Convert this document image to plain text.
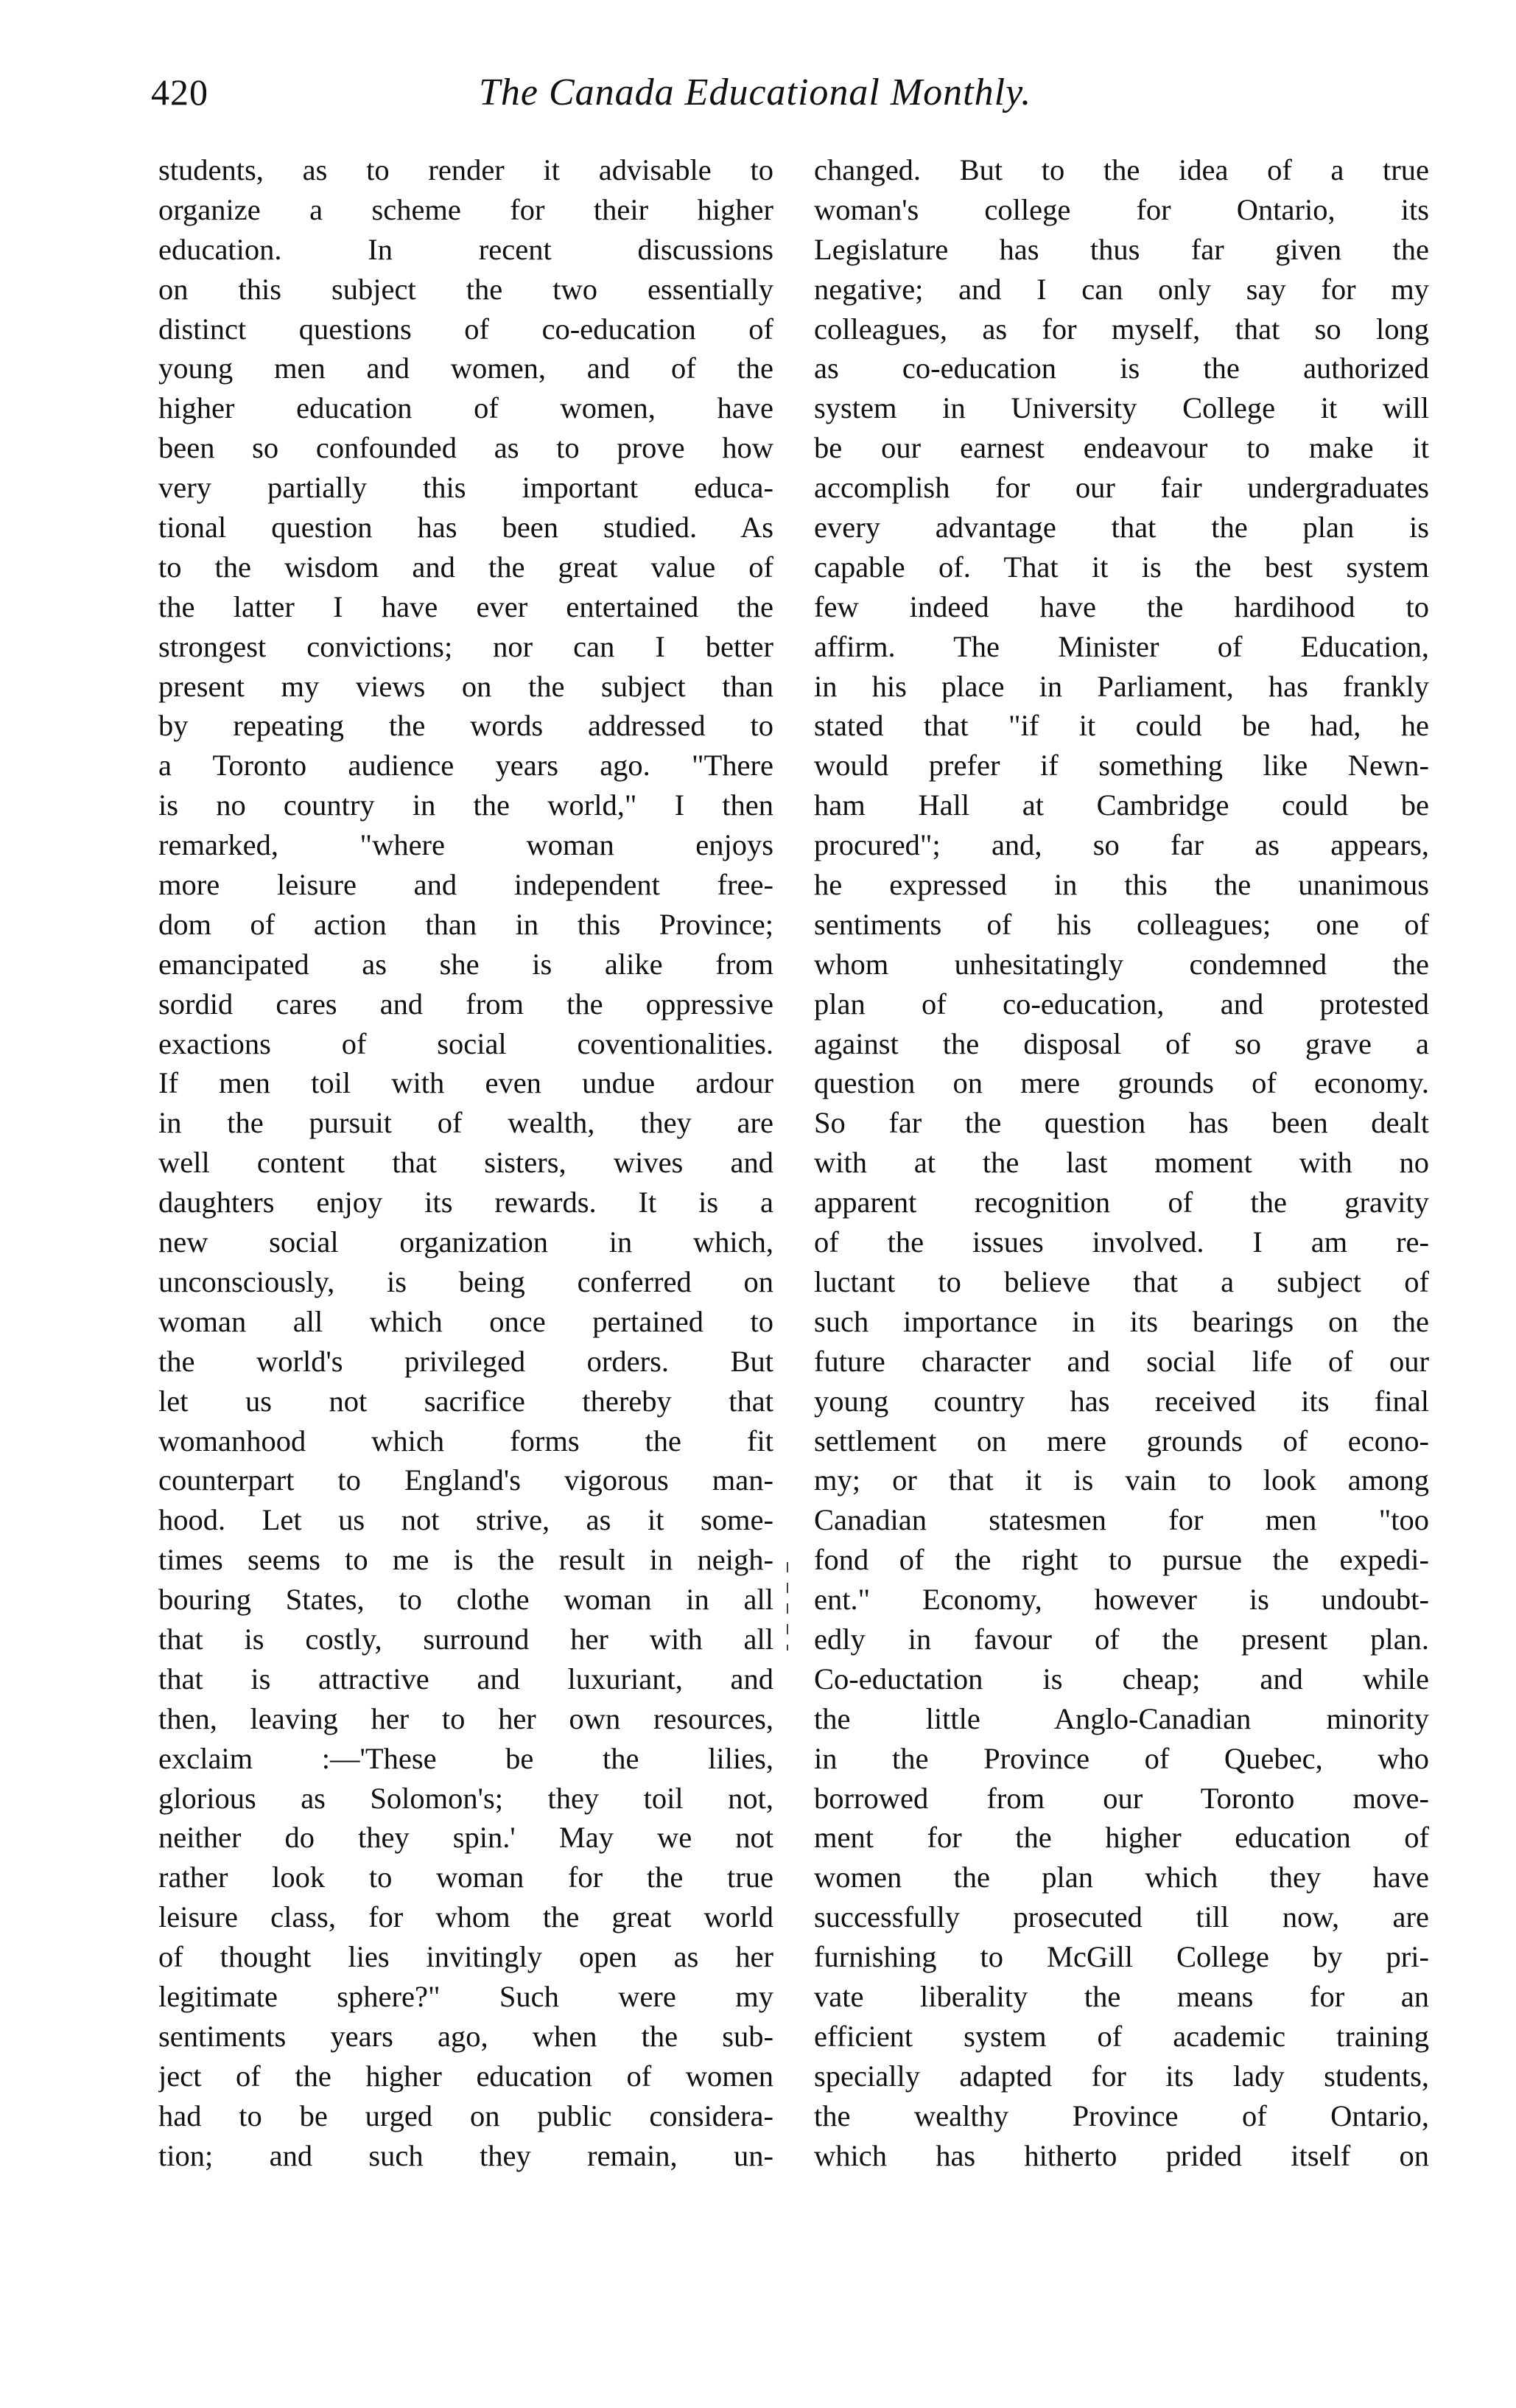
420	The Canada Educational Monthly.
students, as to render it advisable to
organize a scheme for their higher
education. In recent discussions
on this subject the two essentially
distinct questions of co-education of
young men and women, and of the
higher education of women, have
been so confounded as to prove how
very partially this important educa-
tional question has been studied. As
to the wisdom and the great value of
the latter I have ever entertained the
strongest convictions; nor can I better
present my views on the subject than
by repeating the words addressed to
a Toronto audience years ago. "There
is no country in the world," I then
remarked, "where woman enjoys
more leisure and independent free-
dom of action than in this Province;
emancipated as she is alike from
sordid cares and from the oppressive
exactions of social coventionalities.
If men toil with even undue ardour
in the pursuit of wealth, they are
well content that sisters, wives and
daughters enjoy its rewards. It is a
new social organization in which,
unconsciously, is being conferred on
woman all which once pertained to
the world's privileged orders. But
let us not sacrifice thereby that
womanhood which forms the fit
counterpart to England's vigorous man-
hood. Let us not strive, as it some-
times seems to me is the result in neigh-
bouring States, to clothe woman in all
that is costly, surround her with all
that is attractive and luxuriant, and
then, leaving her to her own resources,
exclaim :—'These be the lilies,
glorious as Solomon's; they toil not,
neither do they spin.' May we not
rather look to woman for the true
leisure class, for whom the great world
of thought lies invitingly open as her
legitimate sphere?" Such were my
sentiments years ago, when the sub-
ject of the higher education of women
had to be urged on public considera-
tion; and such they remain, un-
changed. But to the idea of a true
woman's college for Ontario, its
Legislature has thus far given the
negative; and I can only say for my
colleagues, as for myself, that so long
as co-education is the authorized
system in University College it will
be our earnest endeavour to make it
accomplish for our fair undergraduates
every advantage that the plan is
capable of. That it is the best system
few indeed have the hardihood to
affirm. The Minister of Education,
in his place in Parliament, has frankly
stated that "if it could be had, he
would prefer if something like Newn-
ham Hall at Cambridge could be
procured"; and, so far as appears,
he expressed in this the unanimous
sentiments of his colleagues; one of
whom unhesitatingly condemned the
plan of co-education, and protested
against the disposal of so grave a
question on mere grounds of economy.
So far the question has been dealt
with at the last moment with no
apparent recognition of the gravity
of the issues involved. I am re-
luctant to believe that a subject of
such importance in its bearings on the
future character and social life of our
young country has received its final
settlement on mere grounds of econo-
my; or that it is vain to look among
Canadian statesmen for men "too
fond of the right to pursue the expedi-
ent." Economy, however is undoubt-
edly in favour of the present plan.
Co-eductation is cheap; and while
the little Anglo-Canadian minority
in the Province of Quebec, who
borrowed from our Toronto move-
ment for the higher education of
women the plan which they have
successfully prosecuted till now, are
furnishing to McGill College by pri-
vate liberality the means for an
efficient system of academic training
specially adapted for its lady students,
the wealthy Province of Ontario,
which has hitherto prided itself on
